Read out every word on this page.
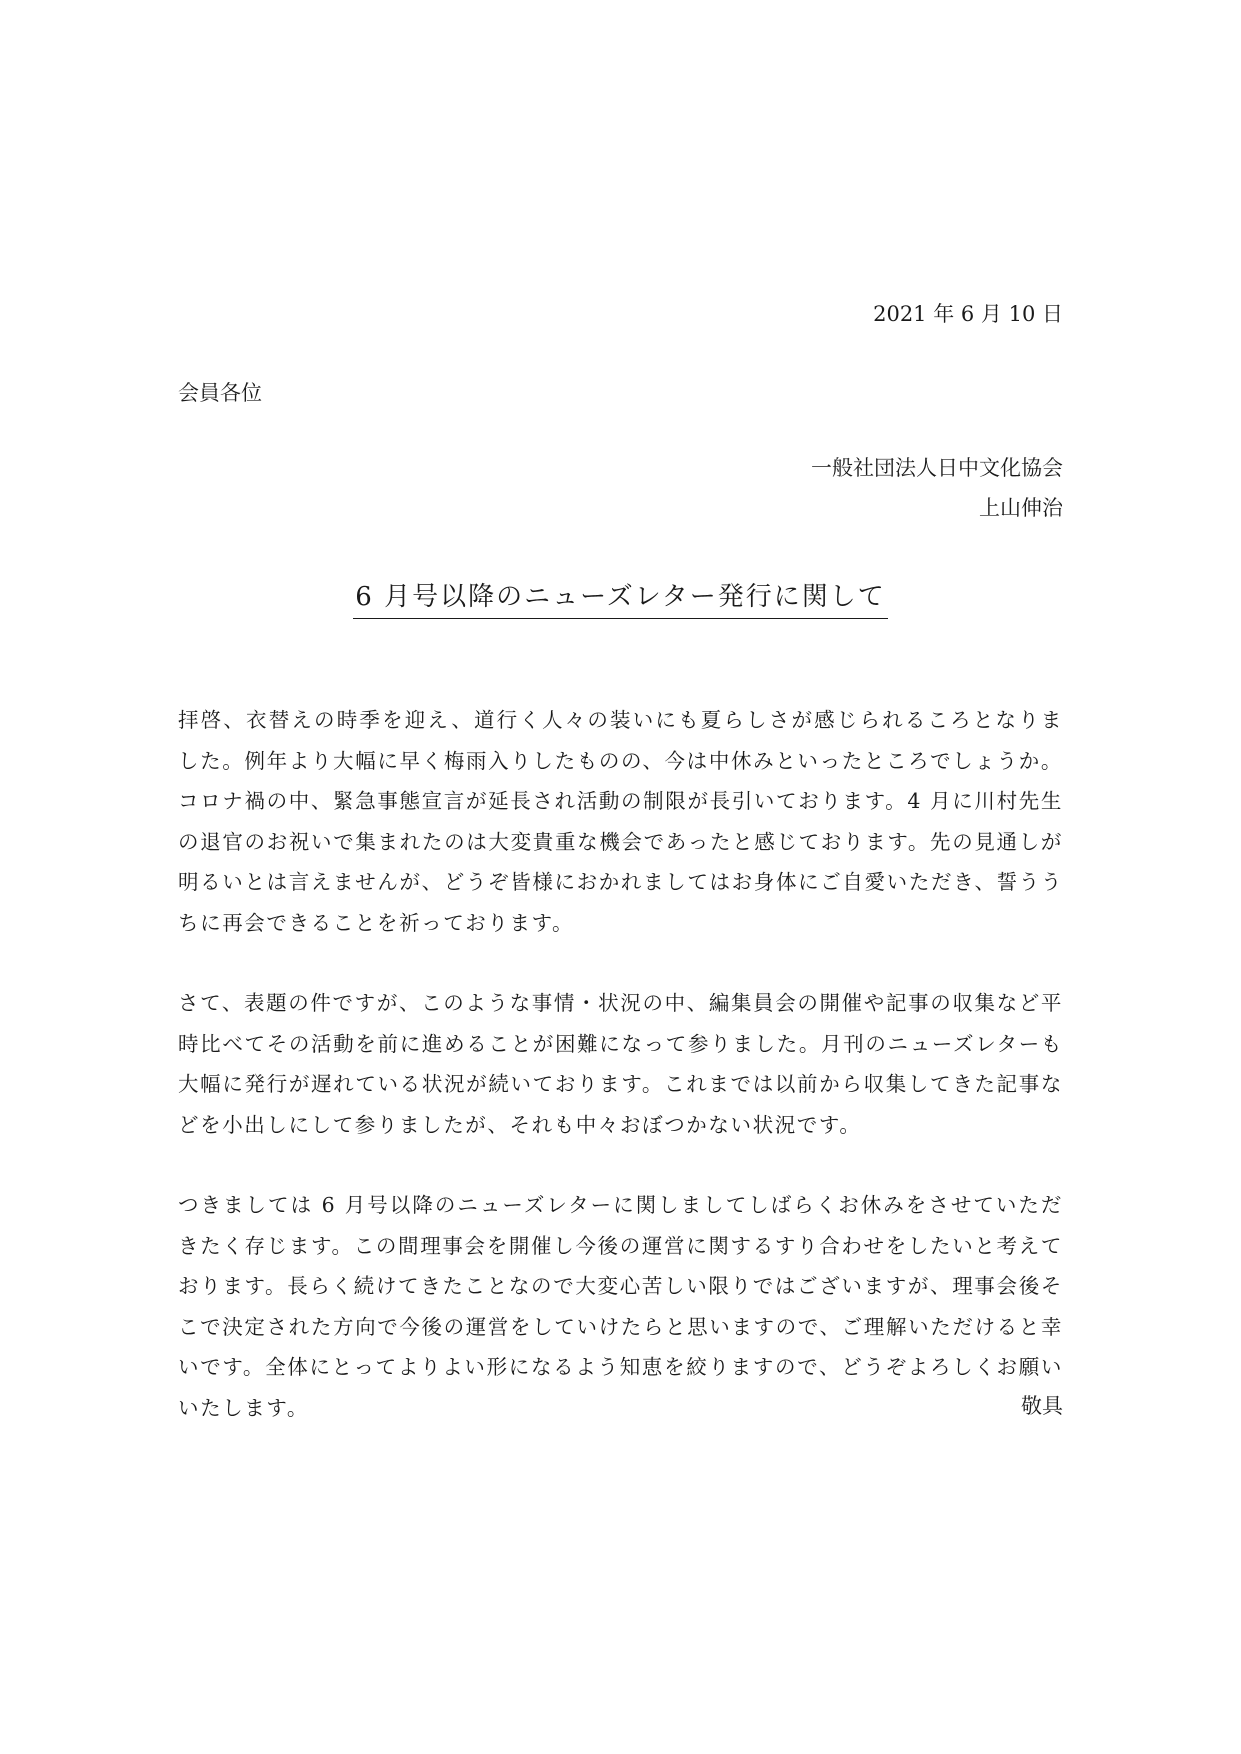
2021 年 6 月 10 日
会員各位
一般社団法人日中文化協会
上山伸治
6 月号以降のニューズレター発行に関して

拝啓、衣替えの時季を迎え、道行く人々の装いにも夏らしさが感じられるころとなりました。例年より大幅に早く梅雨入りしたものの、今は中休みといったところでしょうか。コロナ禍の中、緊急事態宣言が延長され活動の制限が長引いております。4 月に川村先生の退官のお祝いで集まれたのは大変貴重な機会であったと感じております。先の見通しが明るいとは言えませんが、どうぞ皆様におかれましてはお身体にご自愛いただき、誓ううちに再会できることを祈っております。

さて、表題の件ですが、このような事情・状況の中、編集員会の開催や記事の収集など平時比べてその活動を前に進めることが困難になって参りました。月刊のニューズレターも大幅に発行が遅れている状況が続いております。これまでは以前から収集してきた記事などを小出しにして参りましたが、それも中々おぼつかない状況です。

つきましては 6 月号以降のニューズレターに関しましてしばらくお休みをさせていただきたく存じます。この間理事会を開催し今後の運営に関するすり合わせをしたいと考えております。長らく続けてきたことなので大変心苦しい限りではございますが、理事会後そこで決定された方向で今後の運営をしていけたらと思いますので、ご理解いただけると幸いです。全体にとってよりよい形になるよう知恵を絞りますので、どうぞよろしくお願いいたします。	敬具
